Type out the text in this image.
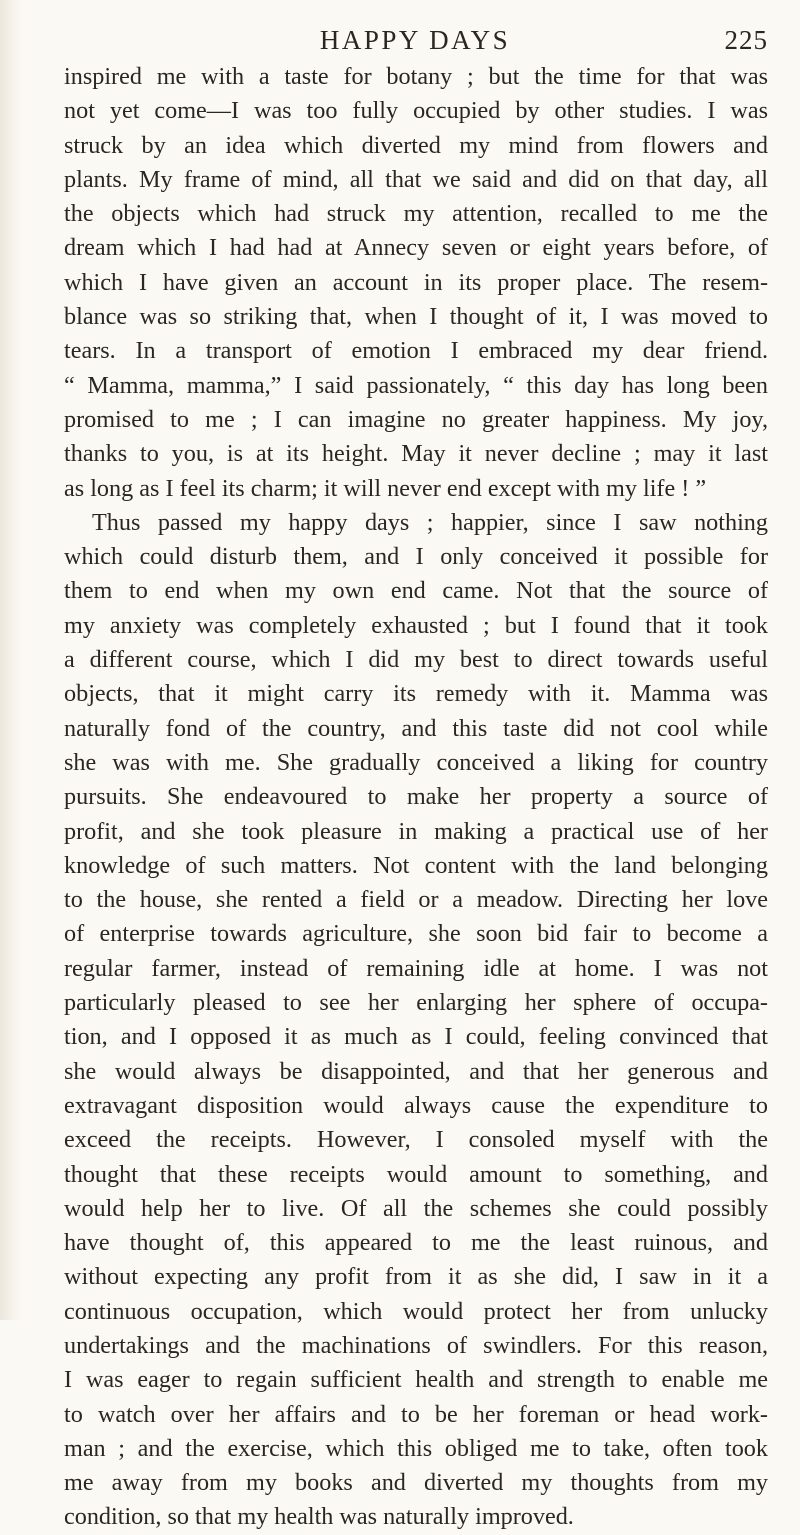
HAPPY DAYS	225
inspired me with a taste for botany ; but the time for that was
not yet come—I was too fully occupied by other studies. I was
struck by an idea which diverted my mind from flowers and
plants. My frame of mind, all that we said and did on that day, all
the objects which had struck my attention, recalled to me the
dream which I had had at Annecy seven or eight years before, of
which I have given an account in its proper place. The resem-
blance was so striking that, when I thought of it, I was moved to
tears. In a transport of emotion I embraced my dear friend.
“ Mamma, mamma,” I said passionately, “ this day has long been
promised to me ; I can imagine no greater happiness. My joy,
thanks to you, is at its height. May it never decline ; may it last
as long as I feel its charm; it will never end except with my life ! ”
Thus passed my happy days ; happier, since I saw nothing
which could disturb them, and I only conceived it possible for
them to end when my own end came. Not that the source of
my anxiety was completely exhausted ; but I found that it took
a different course, which I did my best to direct towards useful
objects, that it might carry its remedy with it. Mamma was
naturally fond of the country, and this taste did not cool while
she was with me. She gradually conceived a liking for country
pursuits. She endeavoured to make her property a source of
profit, and she took pleasure in making a practical use of her
knowledge of such matters. Not content with the land belonging
to the house, she rented a field or a meadow. Directing her love
of enterprise towards agriculture, she soon bid fair to become a
regular farmer, instead of remaining idle at home. I was not
particularly pleased to see her enlarging her sphere of occupa-
tion, and I opposed it as much as I could, feeling convinced that
she would always be disappointed, and that her generous and
extravagant disposition would always cause the expenditure to
exceed the receipts. However, I consoled myself with the
thought that these receipts would amount to something, and
would help her to live. Of all the schemes she could possibly
have thought of, this appeared to me the least ruinous, and
without expecting any profit from it as she did, I saw in it a
continuous occupation, which would protect her from unlucky
undertakings and the machinations of swindlers. For this reason,
I was eager to regain sufficient health and strength to enable me
to watch over her affairs and to be her foreman or head work-
man ; and the exercise, which this obliged me to take, often took
me away from my books and diverted my thoughts from my
condition, so that my health was naturally improved.
